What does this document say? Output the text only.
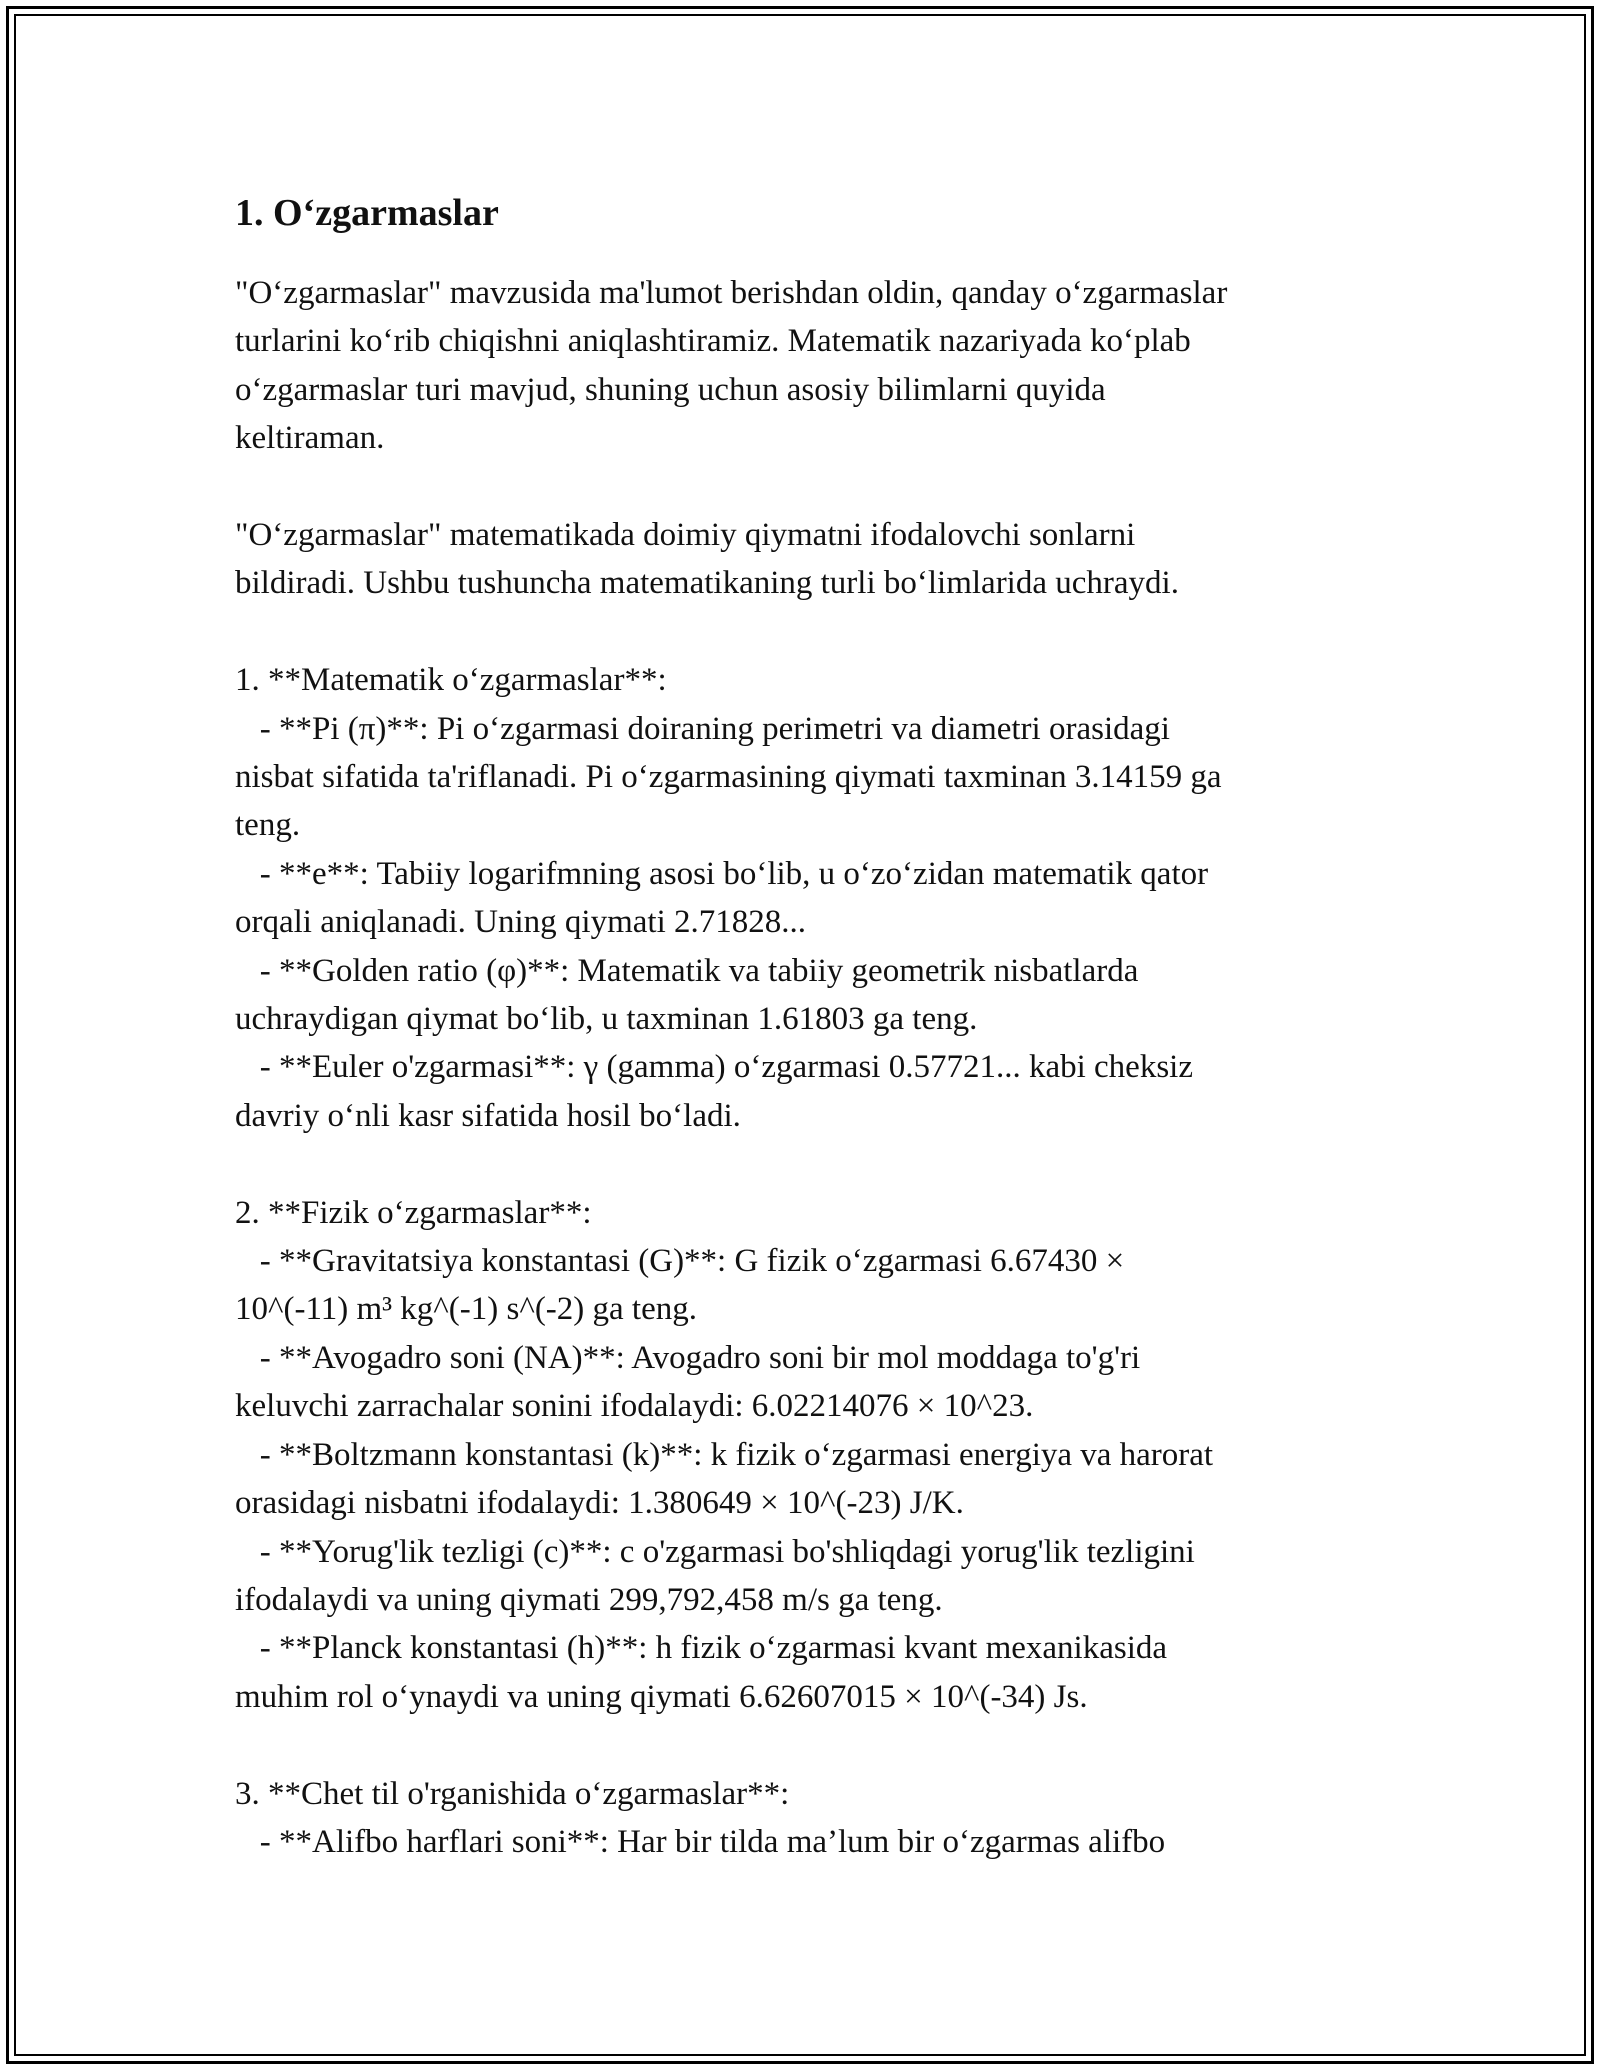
1. O‘zgarmaslar
"O‘zgarmaslar" mavzusida ma'lumot berishdan oldin, qanday o‘zgarmaslar
turlarini ko‘rib chiqishni aniqlashtiramiz. Matematik nazariyada ko‘plab
o‘zgarmaslar turi mavjud, shuning uchun asosiy bilimlarni quyida
keltiraman.
"O‘zgarmaslar" matematikada doimiy qiymatni ifodalovchi sonlarni
bildiradi. Ushbu tushuncha matematikaning turli bo‘limlarida uchraydi.
1. **Matematik o‘zgarmaslar**:
- **Pi (π)**: Pi o‘zgarmasi doiraning perimetri va diametri orasidagi
nisbat sifatida ta'riflanadi. Pi o‘zgarmasining qiymati taxminan 3.14159 ga
teng.
- **e**: Tabiiy logarifmning asosi bo‘lib, u o‘zo‘zidan matematik qator
orqali aniqlanadi. Uning qiymati 2.71828...
- **Golden ratio (φ)**: Matematik va tabiiy geometrik nisbatlarda
uchraydigan qiymat bo‘lib, u taxminan 1.61803 ga teng.
- **Euler o'zgarmasi**: γ (gamma) o‘zgarmasi 0.57721... kabi cheksiz
davriy o‘nli kasr sifatida hosil bo‘ladi.
2. **Fizik o‘zgarmaslar**:
- **Gravitatsiya konstantasi (G)**: G fizik o‘zgarmasi 6.67430 ×
10^(-11) m³ kg^(-1) s^(-2) ga teng.
- **Avogadro soni (NA)**: Avogadro soni bir mol moddaga to'g'ri
keluvchi zarrachalar sonini ifodalaydi: 6.02214076 × 10^23.
- **Boltzmann konstantasi (k)**: k fizik o‘zgarmasi energiya va harorat
orasidagi nisbatni ifodalaydi: 1.380649 × 10^(-23) J/K.
- **Yorug'lik tezligi (c)**: c o'zgarmasi bo'shliqdagi yorug'lik tezligini
ifodalaydi va uning qiymati 299,792,458 m/s ga teng.
- **Planck konstantasi (h)**: h fizik o‘zgarmasi kvant mexanikasida
muhim rol o‘ynaydi va uning qiymati 6.62607015 × 10^(-34) Js.
3. **Chet til o'rganishida o‘zgarmaslar**:
- **Alifbo harflari soni**: Har bir tilda ma’lum bir o‘zgarmas alifbo
